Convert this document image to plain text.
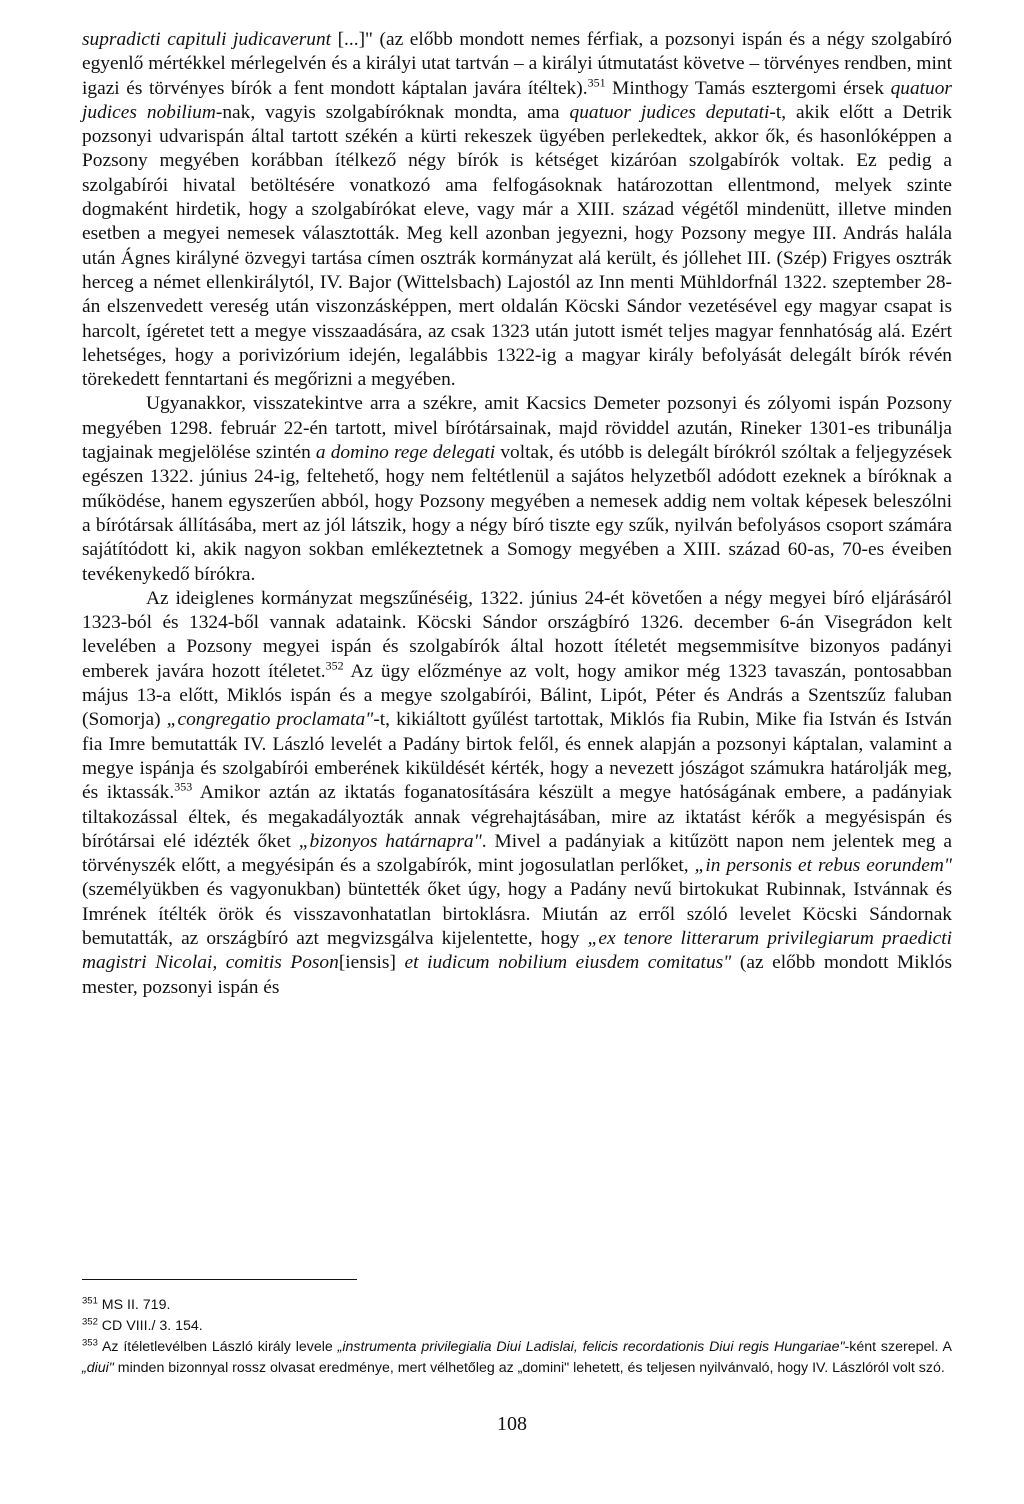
supradicti capituli judicaverunt [...]" (az előbb mondott nemes férfiak, a pozsonyi ispán és a négy szolgabíró egyenlő mértékkel mérlegelvén és a királyi utat tartván – a királyi útmutatást követve – törvényes rendben, mint igazi és törvényes bírók a fent mondott káptalan javára ítéltek).$^{351}$ Minthogy Tamás esztergomi érsek quatuor judices nobilium-nak, vagyis szolgabíróknak mondta, ama quatuor judices deputati-t, akik előtt a Detrik pozsonyi udvarispán által tartott székén a kürti rekeszek ügyében perlekedtek, akkor ők, és hasonlóképpen a Pozsony megyében korábban ítélkező négy bírók is kétséget kizáróan szolgabírók voltak. Ez pedig a szolgabírói hivatal betöltésére vonatkozó ama felfogásoknak határozottan ellentmond, melyek szinte dogmaként hirdetik, hogy a szolgabírókat eleve, vagy már a XIII. század végétől mindenütt, illetve minden esetben a megyei nemesek választották. Meg kell azonban jegyezni, hogy Pozsony megye III. András halála után Ágnes királyné özvegyi tartása címen osztrák kormányzat alá került, és jóllehet III. (Szép) Frigyes osztrák herceg a német ellenkirálytól, IV. Bajor (Wittelsbach) Lajostól az Inn menti Mühldorfnál 1322. szeptember 28-án elszenvedett vereség után viszonzásképpen, mert oldalán Köcski Sándor vezetésével egy magyar csapat is harcolt, ígéretet tett a megye visszaadására, az csak 1323 után jutott ismét teljes magyar fennhatóság alá. Ezért lehetséges, hogy a porivizórium idején, legalábbis 1322-ig a magyar király befolyását delegált bírók révén törekedett fenntartani és megőrizni a megyében.
Ugyanakkor, visszatekintve arra a székre, amit Kacsics Demeter pozsonyi és zólyomi ispán Pozsony megyében 1298. február 22-én tartott, mivel bírótársainak, majd röviddel azután, Rineker 1301-es tribunálja tagjainak megjelölése szintén a domino rege delegati voltak, és utóbb is delegált bírókról szóltak a feljegyzések egészen 1322. június 24-ig, feltehető, hogy nem feltétlenül a sajátos helyzetből adódott ezeknek a bíróknak a működése, hanem egyszerűen abból, hogy Pozsony megyében a nemesek addig nem voltak képesek beleszólni a bírótársak állításába, mert az jól látszik, hogy a négy bíró tiszte egy szűk, nyilván befolyásos csoport számára sajátítódott ki, akik nagyon sokban emlékeztetnek a Somogy megyében a XIII. század 60-as, 70-es éveiben tevékenykedő bírókra.
Az ideiglenes kormányzat megszűnéséig, 1322. június 24-ét követően a négy megyei bíró eljárásáról 1323-ból és 1324-ből vannak adataink. Köcski Sándor országbíró 1326. december 6-án Visegrádon kelt levelében a Pozsony megyei ispán és szolgabírók által hozott ítéletét megsemmisítve bizonyos padányi emberek javára hozott ítéletet.$^{352}$ Az ügy előzménye az volt, hogy amikor még 1323 tavaszán, pontosabban május 13-a előtt, Miklós ispán és a megye szolgabírói, Bálint, Lipót, Péter és András a Szentszűz faluban (Somorja) „congregatio proclamata"-t, kikiáltott gyűlést tartottak, Miklós fia Rubin, Mike fia István és István fia Imre bemutatták IV. László levelét a Padány birtok felől, és ennek alapján a pozsonyi káptalan, valamint a megye ispánja és szolgabírói emberének kiküldését kérték, hogy a nevezett jószágot számukra határolják meg, és iktassák.$^{353}$ Amikor aztán az iktatás foganatosítására készült a megye hatóságának embere, a padányiak tiltakozással éltek, és megakadályozták annak végrehajtásában, mire az iktatást kérők a megyésispán és bírótársai elé idézték őket „bizonyos határnapra". Mivel a padányiak a kitűzött napon nem jelentek meg a törvényszék előtt, a megyésipán és a szolgabírók, mint jogosulatlan perlőket, „in personis et rebus eorundem" (személyükben és vagyonukban) büntették őket úgy, hogy a Padány nevű birtokukat Rubinnak, Istvánnak és Imrének ítélték örök és visszavonhatatlan birtoklásra. Miután az erről szóló levelet Köcski Sándornak bemutatták, az országbíró azt megvizsgálva kijelentette, hogy „ex tenore litterarum privilegiarum praedicti magistri Nicolai, comitis Poson[iensis] et iudicum nobilium eiusdem comitatus" (az előbb mondott Miklós mester, pozsonyi ispán és

$^{351}$ MS II. 719.

$^{352}$ CD VIII./ 3. 154.

$^{353}$ Az ítéletlevélben László király levele „instrumenta privilegialia Diui Ladislai, felicis recordationis Diui regis Hungariae"-ként szerepel. A „diui" minden bizonnyal rossz olvasat eredménye, mert vélhetőleg az „domini" lehetett, és teljesen nyilvánvaló, hogy IV. Lászlóról volt szó.

108
